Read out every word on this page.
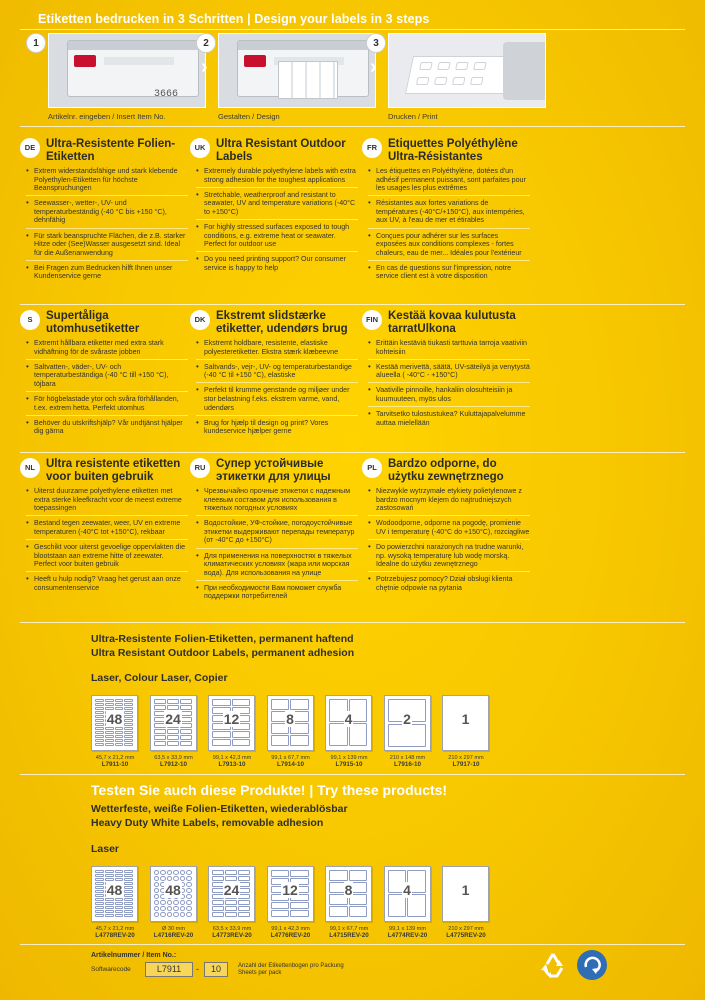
Etiketten bedrucken in 3 Schritten | Design your labels in 3 steps
1
3666
›
2
›
3
Artikelnr. eingeben / Insert Item No.	Gestalten / Design	Drucken / Print
DE Ultra-Resistente Folien-Etiketten
• Extrem widerstandsfähige und stark klebende Polyethylen-Etiketten für höchste Beanspruchungen
• Seewasser-, wetter-, UV- und temperaturbeständig (-40 °C bis +150 °C), dehnfähig
• Für stark beanspruchte Flächen, die z.B. starker Hitze oder (See)Wasser ausgesetzt sind. Ideal für die Außenanwendung
• Bei Fragen zum Bedrucken hilft Ihnen unser Kundenservice gerne
UK Ultra Resistant Outdoor Labels
• Extremely durable polyethylene labels with extra strong adhesion for the toughest applications
• Stretchable, weatherproof and resistant to seawater, UV and temperature variations (-40°C to +150°C)
• For highly stressed surfaces exposed to tough conditions, e.g. extreme heat or seawater. Perfect for outdoor use
• Do you need printing support? Our consumer service is happy to help
FR Etiquettes Polyéthylène Ultra-Résistantes
• Les étiquettes en Polyéthylène, dotées d'un adhésif permanent puissant, sont parfaites pour les usages les plus extrêmes
• Résistantes aux fortes variations de températures (-40°C/+150°C), aux intempéries, aux UV, à l'eau de mer et étirables
• Conçues pour adhérer sur les surfaces exposées aux conditions complexes - fortes chaleurs, eau de mer... Idéales pour l'extérieur
• En cas de questions sur l'impression, notre service client est à votre disposition
S	Supertåliga utomhusetiketter
• Extremt hållbara etiketter med extra stark vidhäftning för de svåraste jobben
• Saltvatten-, väder-, UV- och temperaturbeständiga (-40 °C till +150 °C), töjbara
• För högbelastade ytor och svåra förhållanden, t.ex. extrem hetta. Perfekt utomhus
• Behöver du utskriftshjälp? Vår undtjänst hjälper dig gärna
DK Ekstremt slidstærke etiketter, udendørs brug
• Ekstremt holdbare, resistente, elastiske polyesteretiketter. Ekstra stærk klæbeevne
• Saltvands-, vejr-, UV- og temperaturbestandige (-40 °C til +150 °C), elastiske
• Perfekt til krumme genstande og miljøer under stor belastning f.eks. ekstrem varme, vand, udendørs
• Brug for hjælp til design og print? Vores kundeservice hjælper gerne
FIN Kestää kovaa kulutusta tarratUlkona
• Erittäin kestäviä tiukasti tarttuvia tarroja vaativiin kohteisiin
• Kestää merivettä, säätä, UV-säteilyä ja venytystä alueella ( -40°C - +150°C)
• Vaativille pinnoille, hankaliin olosuhteisiin ja kuumuuteen, myös ulos
• Tarvitsetko tulostustukea? Kuluttajapalvelumme auttaa mielellään
NL Ultra resistente etiketten voor buiten gebruik
• Uiterst duurzame polyethylene etiketten met extra sterke kleefkracht voor de meest extreme toepassingen
• Bestand tegen zeewater, weer, UV en extreme temperaturen (-40°C tot +150°C), rekbaar
• Geschikt voor uiterst gevoelige oppervlakten die blootstaan aan extreme hitte of zeewater. Perfect voor buiten gebruik
• Heeft u hulp nodig? Vraag het gerust aan onze consumentenservice
RU Супер устойчивые этикетки для улицы
• Чрезвычайно прочные этикетки с надежным клеевым составом для использования в тяжелых погодных условиях
• Водостойкие, УФ-стойкие, погодоустойчивые этикетки выдерживают перепады температур (от -40°С до +150°С)
• Для применения на поверхностях в тяжелых климатических условиях (жара или морская вода). Для использования на улице
• При необходимости Вам поможет служба поддержки потребителей
PL Bardzo odporne, do użytku zewnętrznego
• Niezwykle wytrzymałe etykiety polietylenowe z bardzo mocnym klejem do najtrudniejszych zastosowań
• Wodoodporne, odporne na pogodę, promienie UV i temperaturę (-40°C do +150°C), rozciągliwe
• Do powierzchni narażonych na trudne warunki, np. wysoką temperaturę lub wodę morską. Idealne do użytku zewnętrznego
• Potrzebujesz pomocy? Dział obsługi klienta chętnie odpowie na pytania
Ultra-Resistente Folien-Etiketten, permanent haftend
Ultra Resistant Outdoor Labels, permanent adhesion
Laser, Colour Laser, Copier
48
45,7 x 21,2 mm
L7911-10
24
63,5 x 33,9 mm
L7912-10
12
99,1 x 42,3 mm
L7913-10
8
99,1 x 67,7 mm
L7914-10
4
99,1 x 139 mm
L7915-10
2
210 x 148 mm
L7916-10
1
210 x 297 mm
L7917-10
Testen Sie auch diese Produkte! | Try these products!
Wetterfeste, weiße Folien-Etiketten, wiederablösbar
Heavy Duty White Labels, removable adhesion
Laser
48
45,7 x 21,2 mm
L4778REV-20
48
Ø 30 mm
L4716REV-20
24
63,5 x 33,9 mm
L4773REV-20
12
99,1 x 42,3 mm
L4776REV-20
8
99,1 x 67,7 mm
L4715REV-20
4
99,1 x 139 mm
L4774REV-20
1
210 x 297 mm
L4775REV-20
Artikelnummer / Item No.:
Softwarecode	L7911	-	10	Anzahl der Etikettenbogen pro Packung
Sheets per pack
